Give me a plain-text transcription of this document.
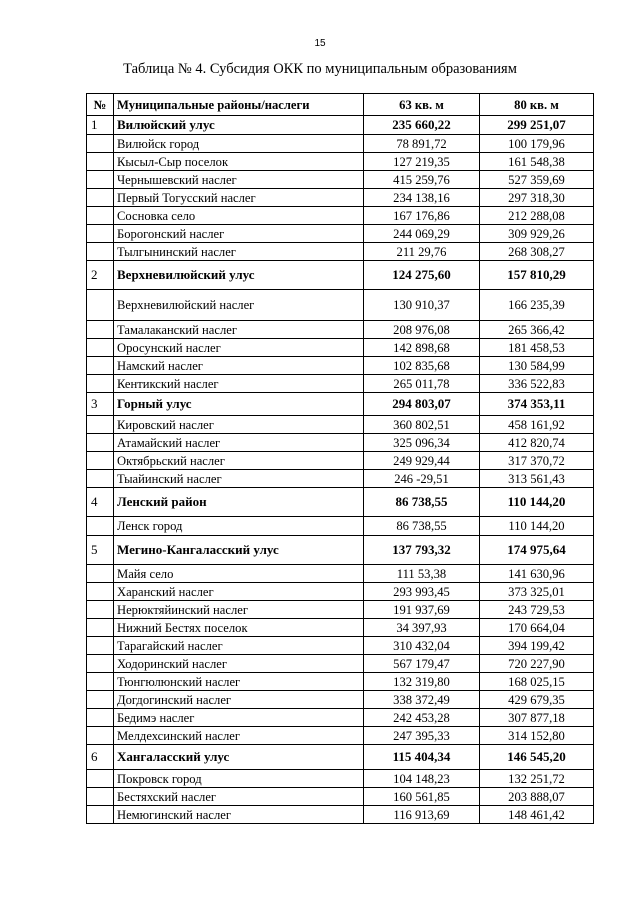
15
Таблица № 4. Субсидия ОКК по муниципальным образованиям
№	Муниципальные районы/наслеги	63 кв. м	80 кв. м
1	Вилюйский улус	235 660,22	299 251,07
	Вилюйск город	78 891,72	100 179,96
	Кысыл-Сыр поселок	127 219,35	161 548,38
	Чернышевский наслег	415 259,76	527 359,69
	Первый Тогусский наслег	234 138,16	297 318,30
	Сосновка село	167 176,86	212 288,08
	Борогонский наслег	244 069,29	309 929,26
	Тылгынинский наслег	211 29,76	268 308,27
2	Верхневилюйский улус	124 275,60	157 810,29
	Верхневилюйский наслег	130 910,37	166 235,39
	Тамалаканский наслег	208 976,08	265 366,42
	Оросунский наслег	142 898,68	181 458,53
	Намский наслег	102 835,68	130 584,99
	Кентикский наслег	265 011,78	336 522,83
3	Горный улус	294 803,07	374 353,11
	Кировский наслег	360 802,51	458 161,92
	Атамайский наслег	325 096,34	412 820,74
	Октябрьский наслег	249 929,44	317 370,72
	Тыайинский наслег	246 -29,51	313 561,43
4	Ленский район	86 738,55	110 144,20
	Ленск город	86 738,55	110 144,20
5	Мегино-Кангаласский улус	137 793,32	174 975,64
	Майя село	111 53,38	141 630,96
	Харанский наслег	293 993,45	373 325,01
	Нерюктяйинский наслег	191 937,69	243 729,53
	Нижний Бестях поселок	34 397,93	170 664,04
	Тарагайский наслег	310 432,04	394 199,42
	Ходоринский наслег	567 179,47	720 227,90
	Тюнгюлюнский наслег	132 319,80	168 025,15
	Догдогинский наслег	338 372,49	429 679,35
	Бедимэ наслег	242 453,28	307 877,18
	Мелдехсинский наслег	247 395,33	314 152,80
6	Хангаласский улус	115 404,34	146 545,20
	Покровск город	104 148,23	132 251,72
	Бестяхский наслег	160 561,85	203 888,07
	Немюгинский наслег	116 913,69	148 461,42
